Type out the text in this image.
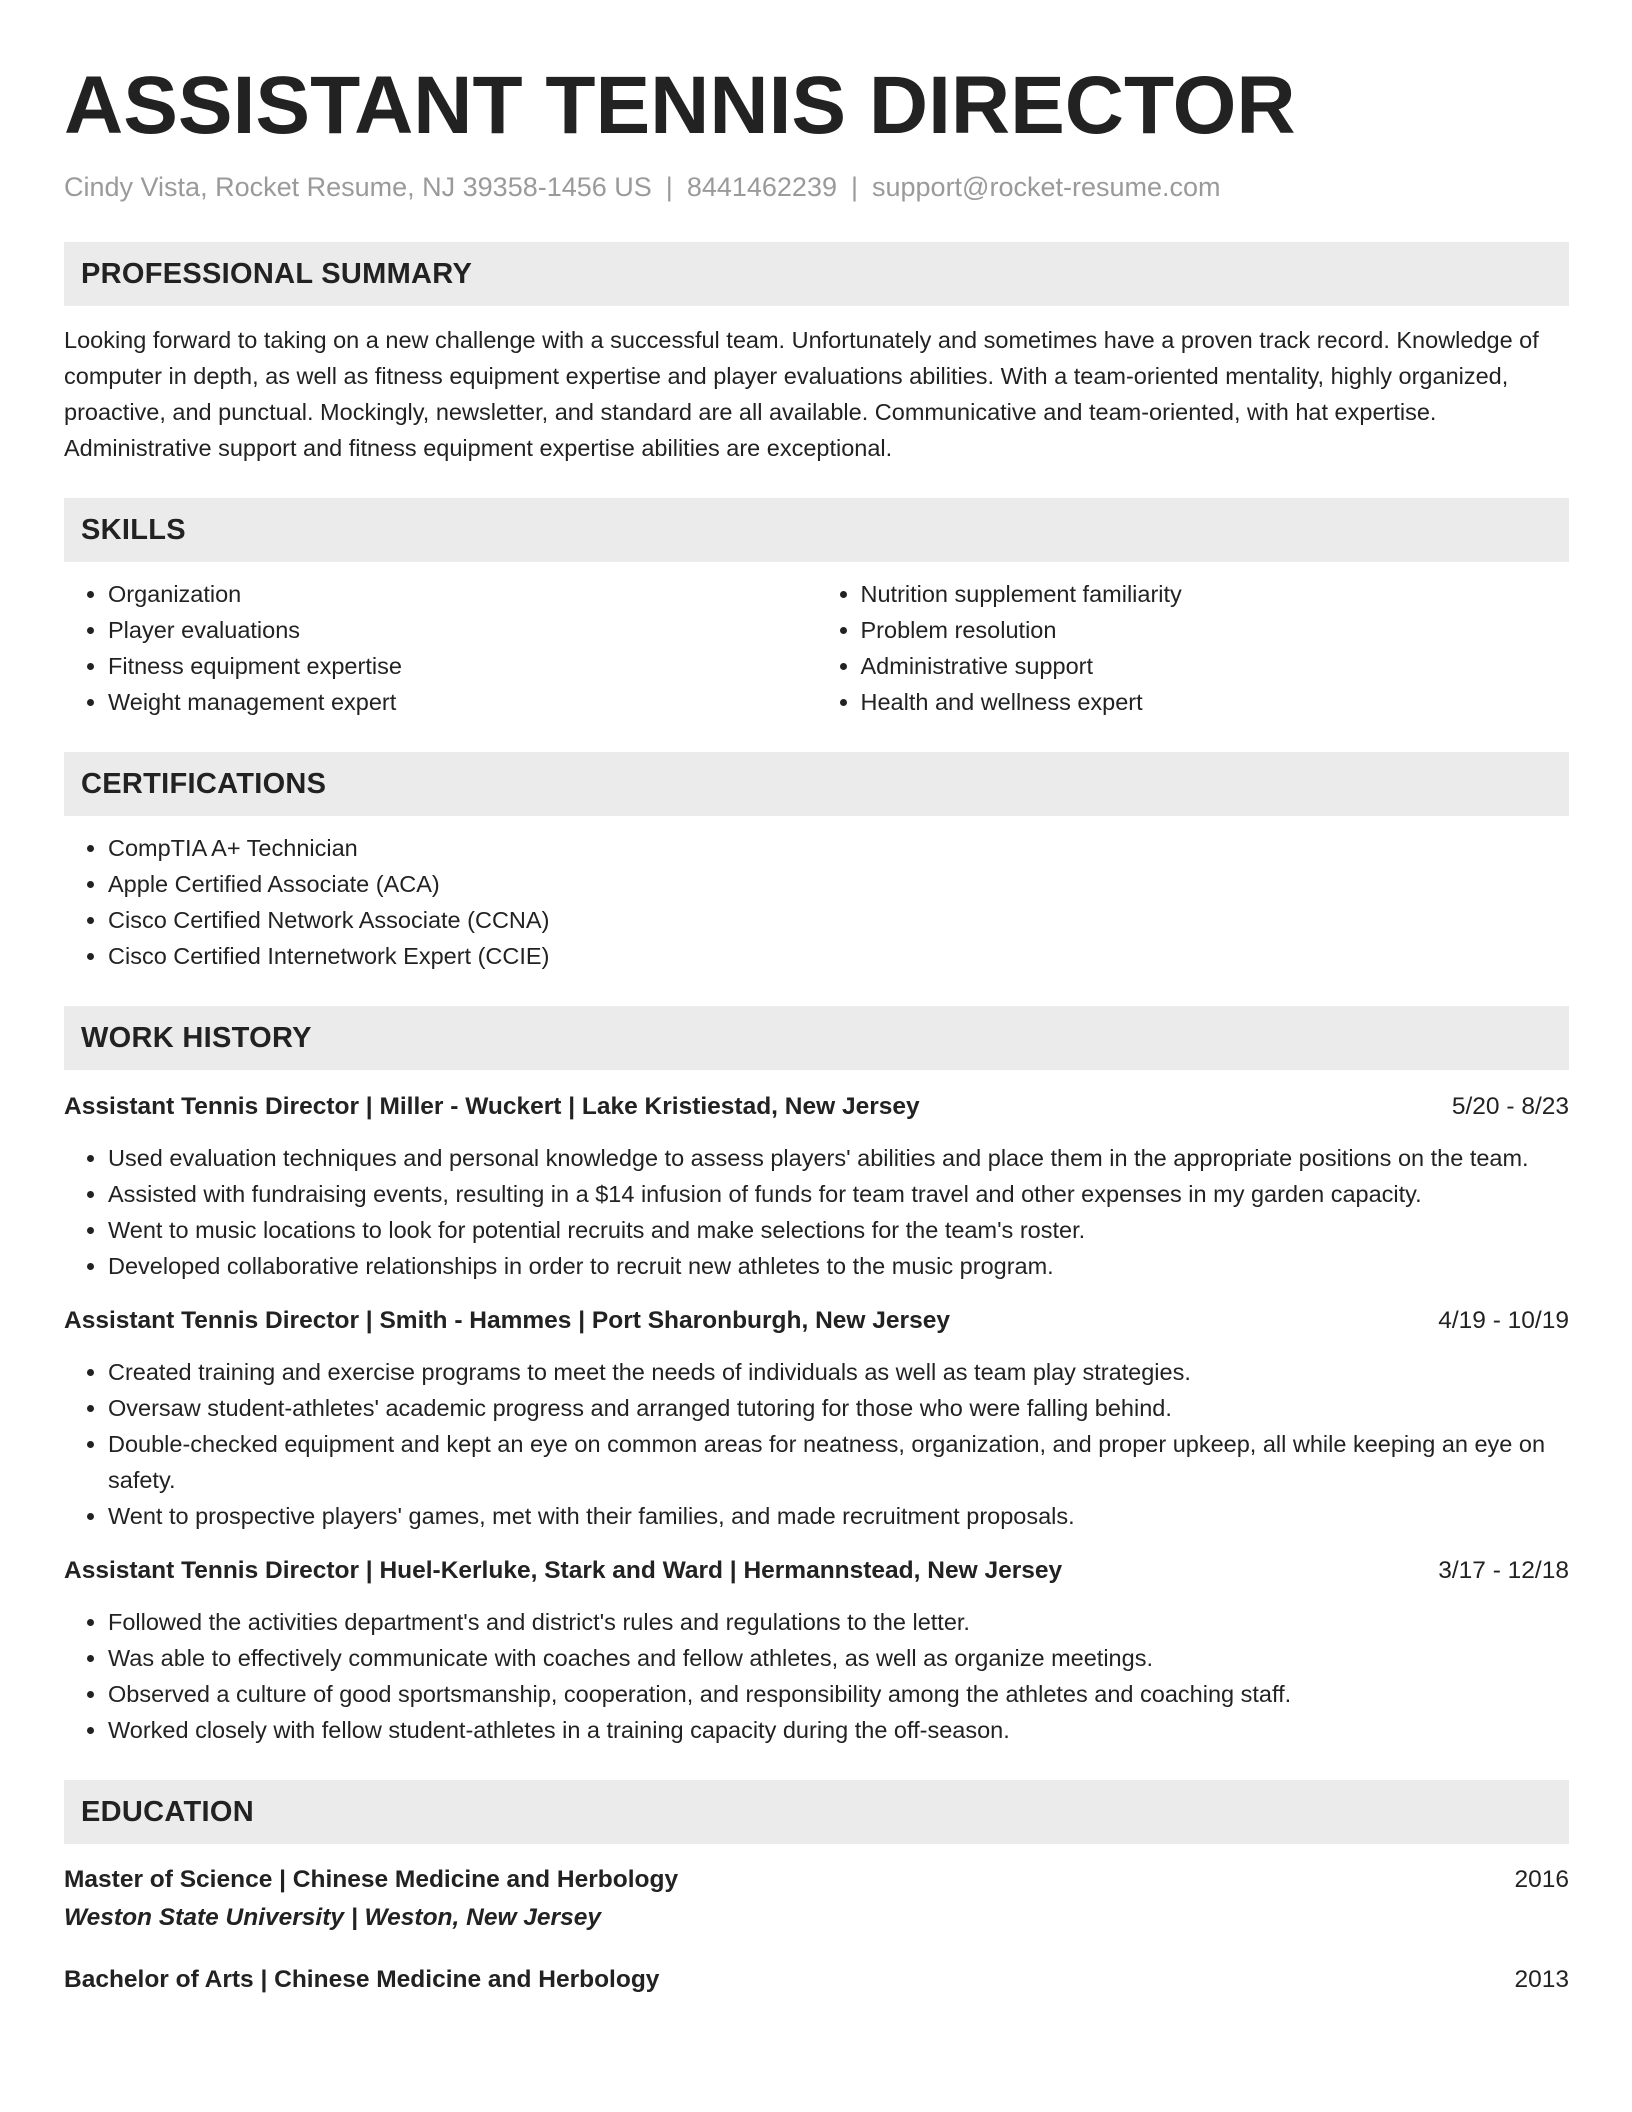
ASSISTANT TENNIS DIRECTOR
Cindy Vista, Rocket Resume, NJ 39358-1456 US | 8441462239 | support@rocket-resume.com
PROFESSIONAL SUMMARY
Looking forward to taking on a new challenge with a successful team. Unfortunately and sometimes have a proven track record. Knowledge of computer in depth, as well as fitness equipment expertise and player evaluations abilities. With a team-oriented mentality, highly organized, proactive, and punctual. Mockingly, newsletter, and standard are all available. Communicative and team-oriented, with hat expertise. Administrative support and fitness equipment expertise abilities are exceptional.
SKILLS
• Organization
• Player evaluations
• Fitness equipment expertise
• Weight management expert
• Nutrition supplement familiarity
• Problem resolution
• Administrative support
• Health and wellness expert
CERTIFICATIONS
• CompTIA A+ Technician
• Apple Certified Associate (ACA)
• Cisco Certified Network Associate (CCNA)
• Cisco Certified Internetwork Expert (CCIE)
WORK HISTORY
Assistant Tennis Director | Miller - Wuckert | Lake Kristiestad, New Jersey	5/20 - 8/23
• Used evaluation techniques and personal knowledge to assess players' abilities and place them in the appropriate positions on the team.
• Assisted with fundraising events, resulting in a $14 infusion of funds for team travel and other expenses in my garden capacity.
• Went to music locations to look for potential recruits and make selections for the team's roster.
• Developed collaborative relationships in order to recruit new athletes to the music program.
Assistant Tennis Director | Smith - Hammes | Port Sharonburgh, New Jersey	4/19 - 10/19
• Created training and exercise programs to meet the needs of individuals as well as team play strategies.
• Oversaw student-athletes' academic progress and arranged tutoring for those who were falling behind.
• Double-checked equipment and kept an eye on common areas for neatness, organization, and proper upkeep, all while keeping an eye on safety.
• Went to prospective players' games, met with their families, and made recruitment proposals.
Assistant Tennis Director | Huel-Kerluke, Stark and Ward | Hermannstead, New Jersey	3/17 - 12/18
• Followed the activities department's and district's rules and regulations to the letter.
• Was able to effectively communicate with coaches and fellow athletes, as well as organize meetings.
• Observed a culture of good sportsmanship, cooperation, and responsibility among the athletes and coaching staff.
• Worked closely with fellow student-athletes in a training capacity during the off-season.
EDUCATION
Master of Science | Chinese Medicine and Herbology	2016
Weston State University | Weston, New Jersey
Bachelor of Arts | Chinese Medicine and Herbology	2013
